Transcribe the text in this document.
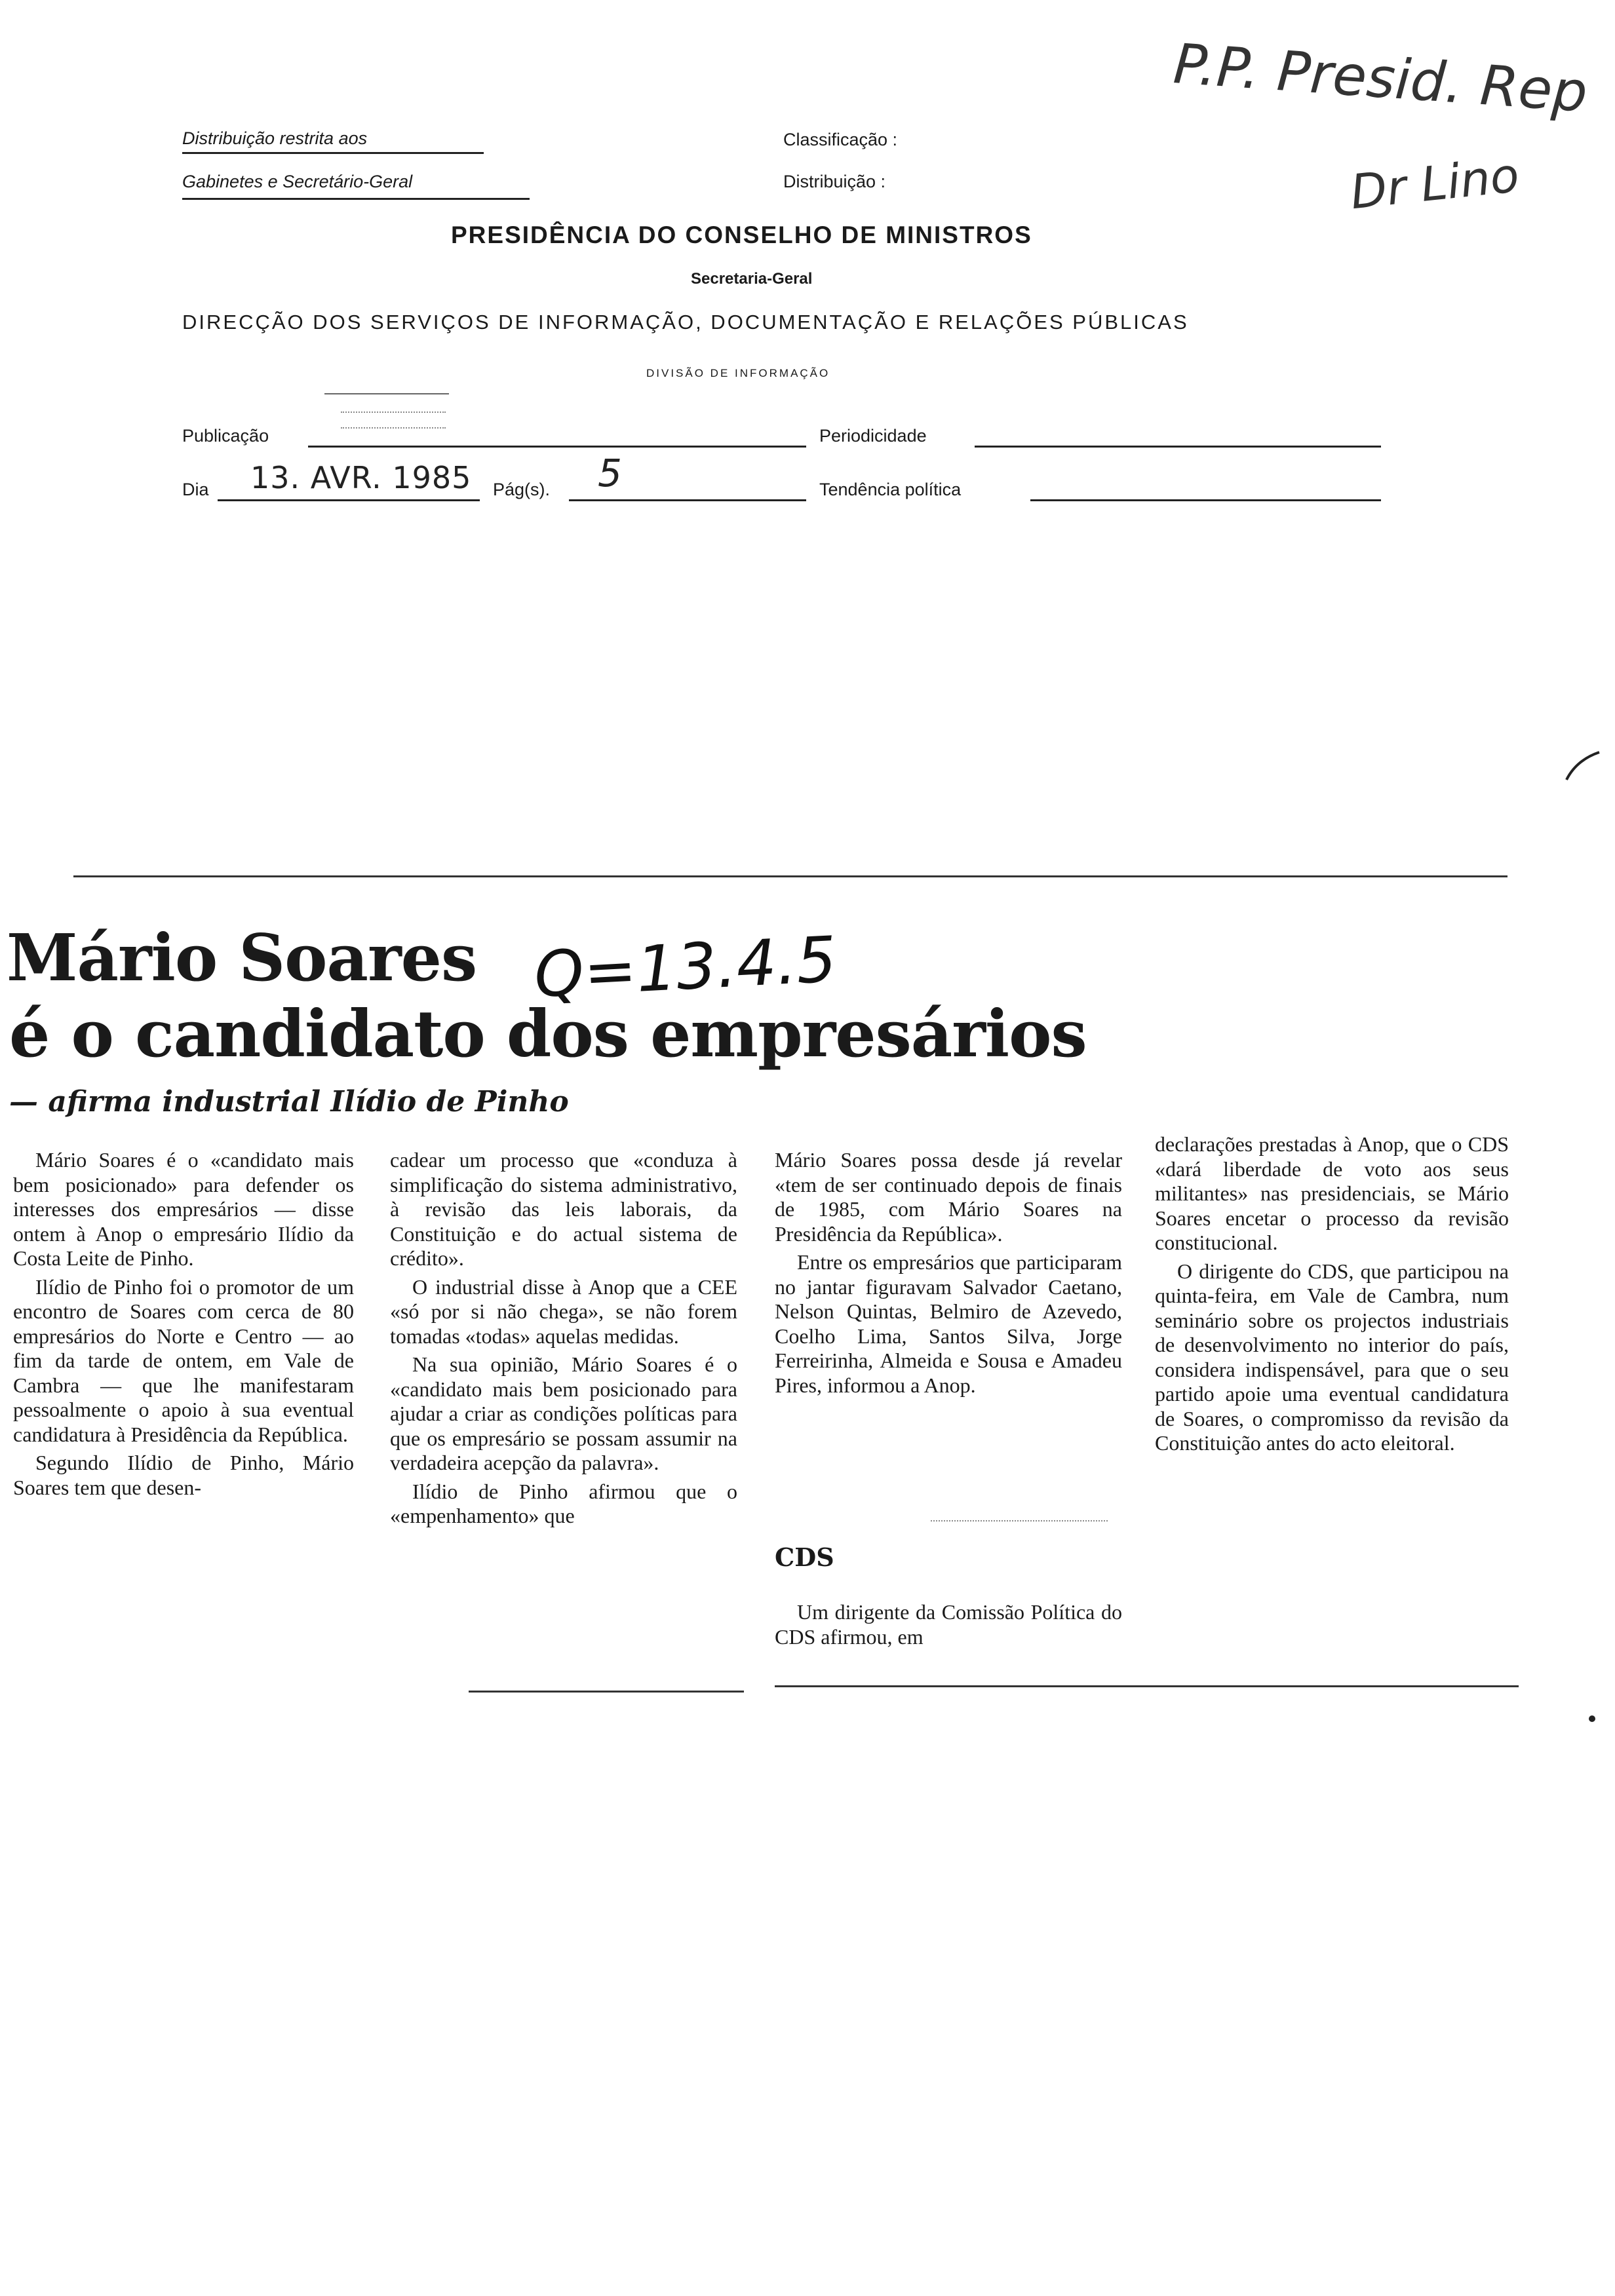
Distribuição restrita aos
Gabinetes e Secretário-Geral
Classificação :
Distribuição :
PRESIDÊNCIA DO CONSELHO DE MINISTROS
Secretaria-Geral
DIRECÇÃO DOS SERVIÇOS DE INFORMAÇÃO, DOCUMENTAÇÃO E RELAÇÕES PÚBLICAS
DIVISÃO DE INFORMAÇÃO
Publicação	Periodicidade
Dia 13. AVR. 1985 Pág(s). 5	Tendência política
P.P. Presid. Rep
Dr Lino
Mário Soares
é o candidato dos empresários
Q=13.4.5
— afirma industrial Ilídio de Pinho

Mário Soares é o «candidato mais bem posicionado» para defender os interesses dos empresários — disse ontem à Anop o empresário Ilídio da Costa Leite de Pinho.

Ilídio de Pinho foi o promotor de um encontro de Soares com cerca de 80 empresários do Norte e Centro — ao fim da tarde de ontem, em Vale de Cambra — que lhe manifestaram pessoalmente o apoio à sua eventual candidatura à Presidência da República.

Segundo Ilídio de Pinho, Mário Soares tem que desen-

cadear um processo que «conduza à simplificação do sistema administrativo, à revisão das leis laborais, da Constituição e do actual sistema de crédito».

O industrial disse à Anop que a CEE «só por si não chega», se não forem tomadas «todas» aquelas medidas.

Na sua opinião, Mário Soares é o «candidato mais bem posicionado para ajudar a criar as condições políticas para que os empresário se possam assumir na verdadeira acepção da palavra».

Ilídio de Pinho afirmou que o «empenhamento» que

Mário Soares possa desde já revelar «tem de ser continuado depois de finais de 1985, com Mário Soares na Presidência da República».

Entre os empresários que participaram no jantar figuravam Salvador Caetano, Nelson Quintas, Belmiro de Azevedo, Coelho Lima, Santos Silva, Jorge Ferreirinha, Almeida e Sousa e Amadeu Pires, informou a Anop.

CDS

Um dirigente da Comissão Política do CDS afirmou, em

declarações prestadas à Anop, que o CDS «dará liberdade de voto aos seus militantes» nas presidenciais, se Mário Soares encetar o processo da revisão constitucional.

O dirigente do CDS, que participou na quinta-feira, em Vale de Cambra, num seminário sobre os projectos industriais de desenvolvimento no interior do país, considera indispensável, para que o seu partido apoie uma eventual candidatura de Soares, o compromisso da revisão da Constituição antes do acto eleitoral.
